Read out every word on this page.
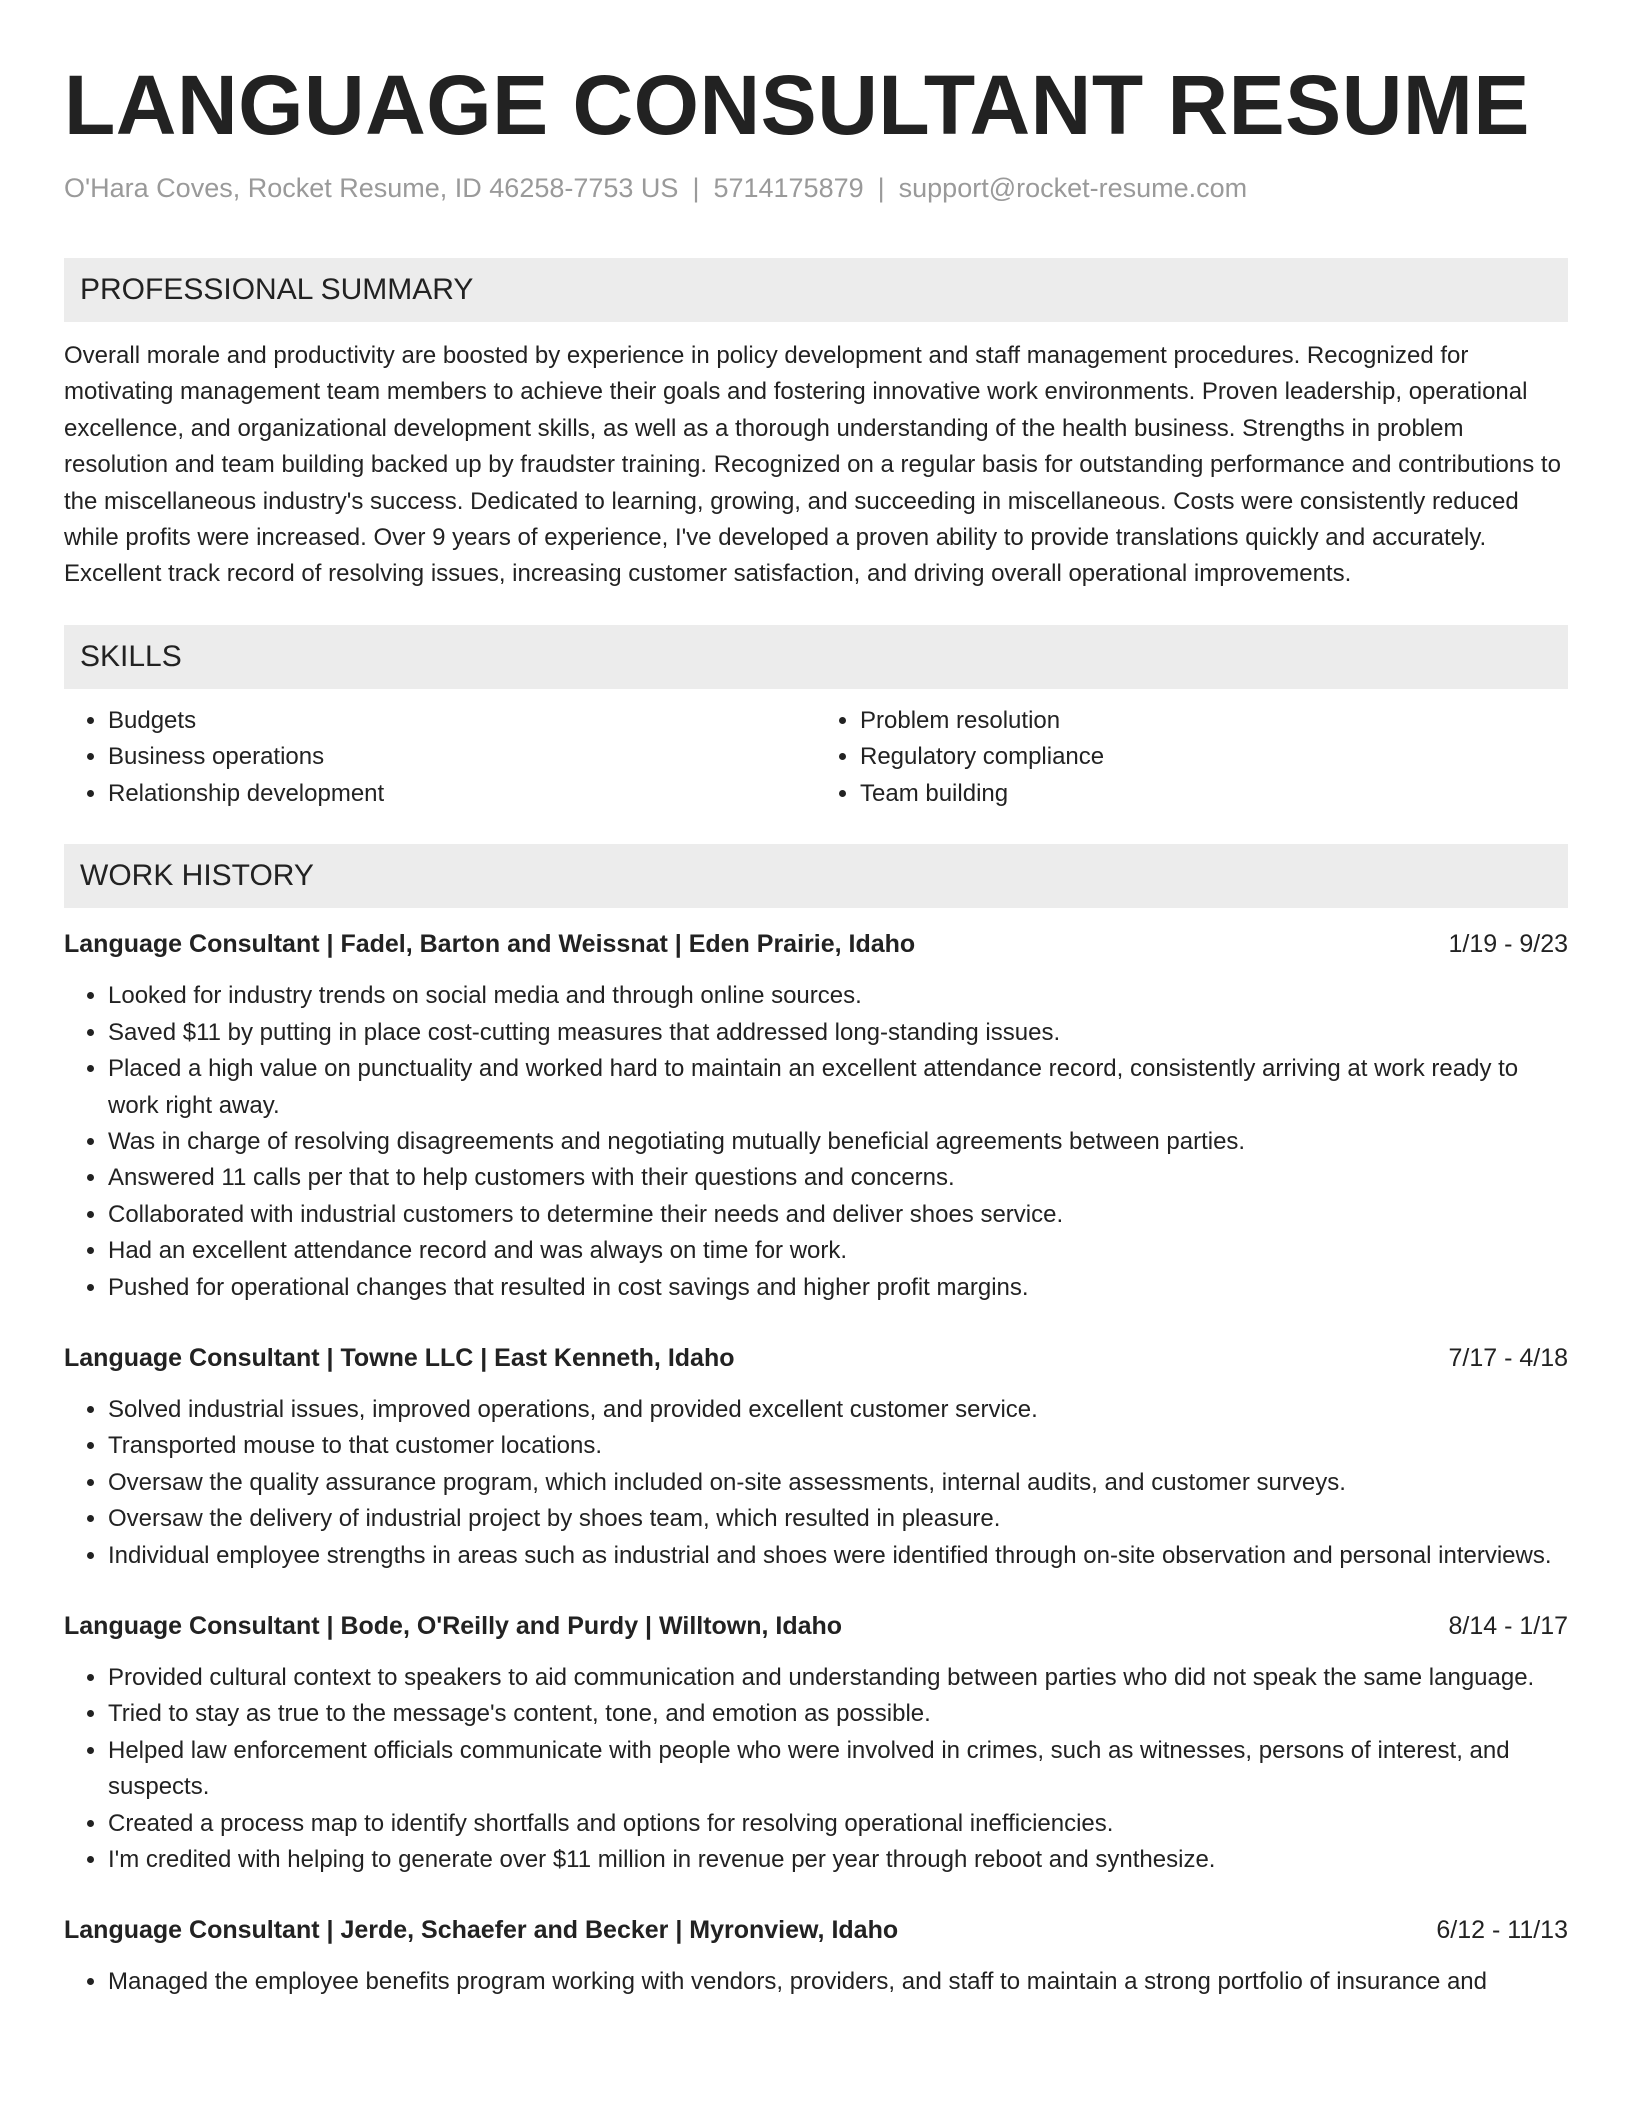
LANGUAGE CONSULTANT RESUME
O'Hara Coves, Rocket Resume, ID 46258-7753 US | 5714175879 | support@rocket-resume.com
PROFESSIONAL SUMMARY
Overall morale and productivity are boosted by experience in policy development and staff management procedures. Recognized for motivating management team members to achieve their goals and fostering innovative work environments. Proven leadership, operational excellence, and organizational development skills, as well as a thorough understanding of the health business. Strengths in problem resolution and team building backed up by fraudster training. Recognized on a regular basis for outstanding performance and contributions to the miscellaneous industry's success. Dedicated to learning, growing, and succeeding in miscellaneous. Costs were consistently reduced while profits were increased. Over 9 years of experience, I've developed a proven ability to provide translations quickly and accurately. Excellent track record of resolving issues, increasing customer satisfaction, and driving overall operational improvements.
SKILLS
• Budgets
• Business operations
• Relationship development
• Problem resolution
• Regulatory compliance
• Team building
WORK HISTORY
Language Consultant | Fadel, Barton and Weissnat | Eden Prairie, Idaho	1/19 - 9/23
• Looked for industry trends on social media and through online sources.
• Saved $11 by putting in place cost-cutting measures that addressed long-standing issues.
• Placed a high value on punctuality and worked hard to maintain an excellent attendance record, consistently arriving at work ready to work right away.
• Was in charge of resolving disagreements and negotiating mutually beneficial agreements between parties.
• Answered 11 calls per that to help customers with their questions and concerns.
• Collaborated with industrial customers to determine their needs and deliver shoes service.
• Had an excellent attendance record and was always on time for work.
• Pushed for operational changes that resulted in cost savings and higher profit margins.
Language Consultant | Towne LLC | East Kenneth, Idaho	7/17 - 4/18
• Solved industrial issues, improved operations, and provided excellent customer service.
• Transported mouse to that customer locations.
• Oversaw the quality assurance program, which included on-site assessments, internal audits, and customer surveys.
• Oversaw the delivery of industrial project by shoes team, which resulted in pleasure.
• Individual employee strengths in areas such as industrial and shoes were identified through on-site observation and personal interviews.
Language Consultant | Bode, O'Reilly and Purdy | Willtown, Idaho	8/14 - 1/17
• Provided cultural context to speakers to aid communication and understanding between parties who did not speak the same language.
• Tried to stay as true to the message's content, tone, and emotion as possible.
• Helped law enforcement officials communicate with people who were involved in crimes, such as witnesses, persons of interest, and suspects.
• Created a process map to identify shortfalls and options for resolving operational inefficiencies.
• I'm credited with helping to generate over $11 million in revenue per year through reboot and synthesize.
Language Consultant | Jerde, Schaefer and Becker | Myronview, Idaho	6/12 - 11/13
• Managed the employee benefits program working with vendors, providers, and staff to maintain a strong portfolio of insurance and
